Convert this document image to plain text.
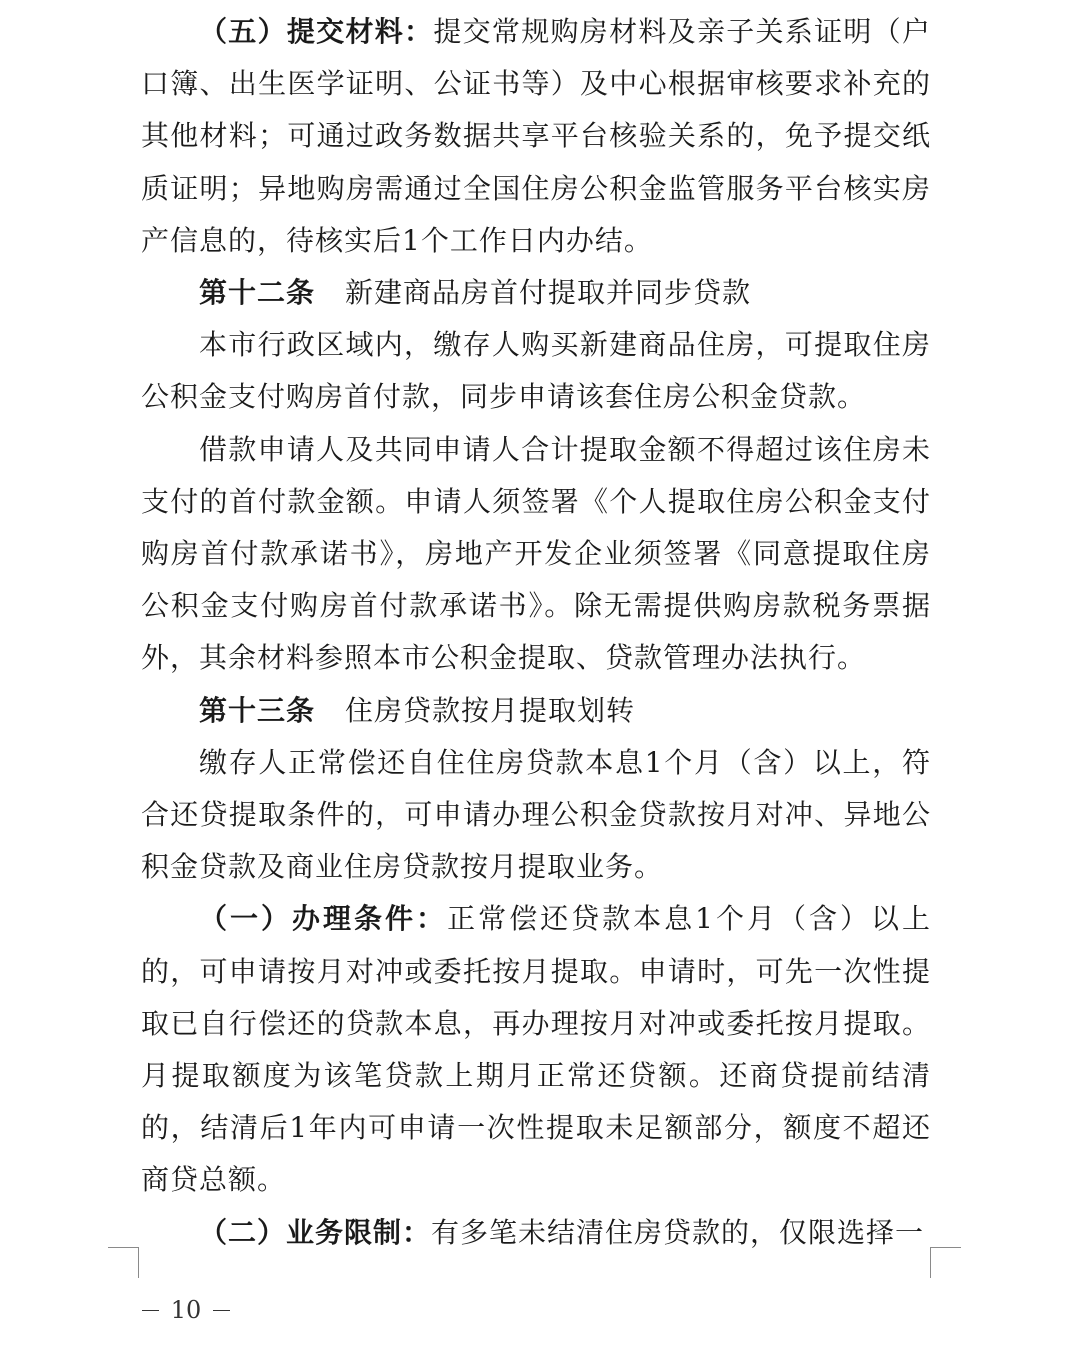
（五）提交材料：提交常规购房材料及亲子关系证明（户口簿、出生医学证明、公证书等）及中心根据审核要求补充的其他材料；可通过政务数据共享平台核验关系的，免予提交纸质证明；异地购房需通过全国住房公积金监管服务平台核实房产信息的，待核实后1个工作日内办结。

第十二条 新建商品房首付提取并同步贷款

本市行政区域内，缴存人购买新建商品住房，可提取住房公积金支付购房首付款，同步申请该套住房公积金贷款。

借款申请人及共同申请人合计提取金额不得超过该住房未支付的首付款金额。申请人须签署《个人提取住房公积金支付购房首付款承诺书》，房地产开发企业须签署《同意提取住房公积金支付购房首付款承诺书》。除无需提供购房款税务票据外，其余材料参照本市公积金提取、贷款管理办法执行。

第十三条 住房贷款按月提取划转

缴存人正常偿还自住住房贷款本息1个月（含）以上，符合还贷提取条件的，可申请办理公积金贷款按月对冲、异地公积金贷款及商业住房贷款按月提取业务。

（一）办理条件：正常偿还贷款本息1个月（含）以上的，可申请按月对冲或委托按月提取。申请时，可先一次性提取已自行偿还的贷款本息，再办理按月对冲或委托按月提取。月提取额度为该笔贷款上期月正常还贷额。还商贷提前结清的，结清后1年内可申请一次性提取未足额部分，额度不超还商贷总额。

（二）业务限制：有多笔未结清住房贷款的，仅限选择一

10
